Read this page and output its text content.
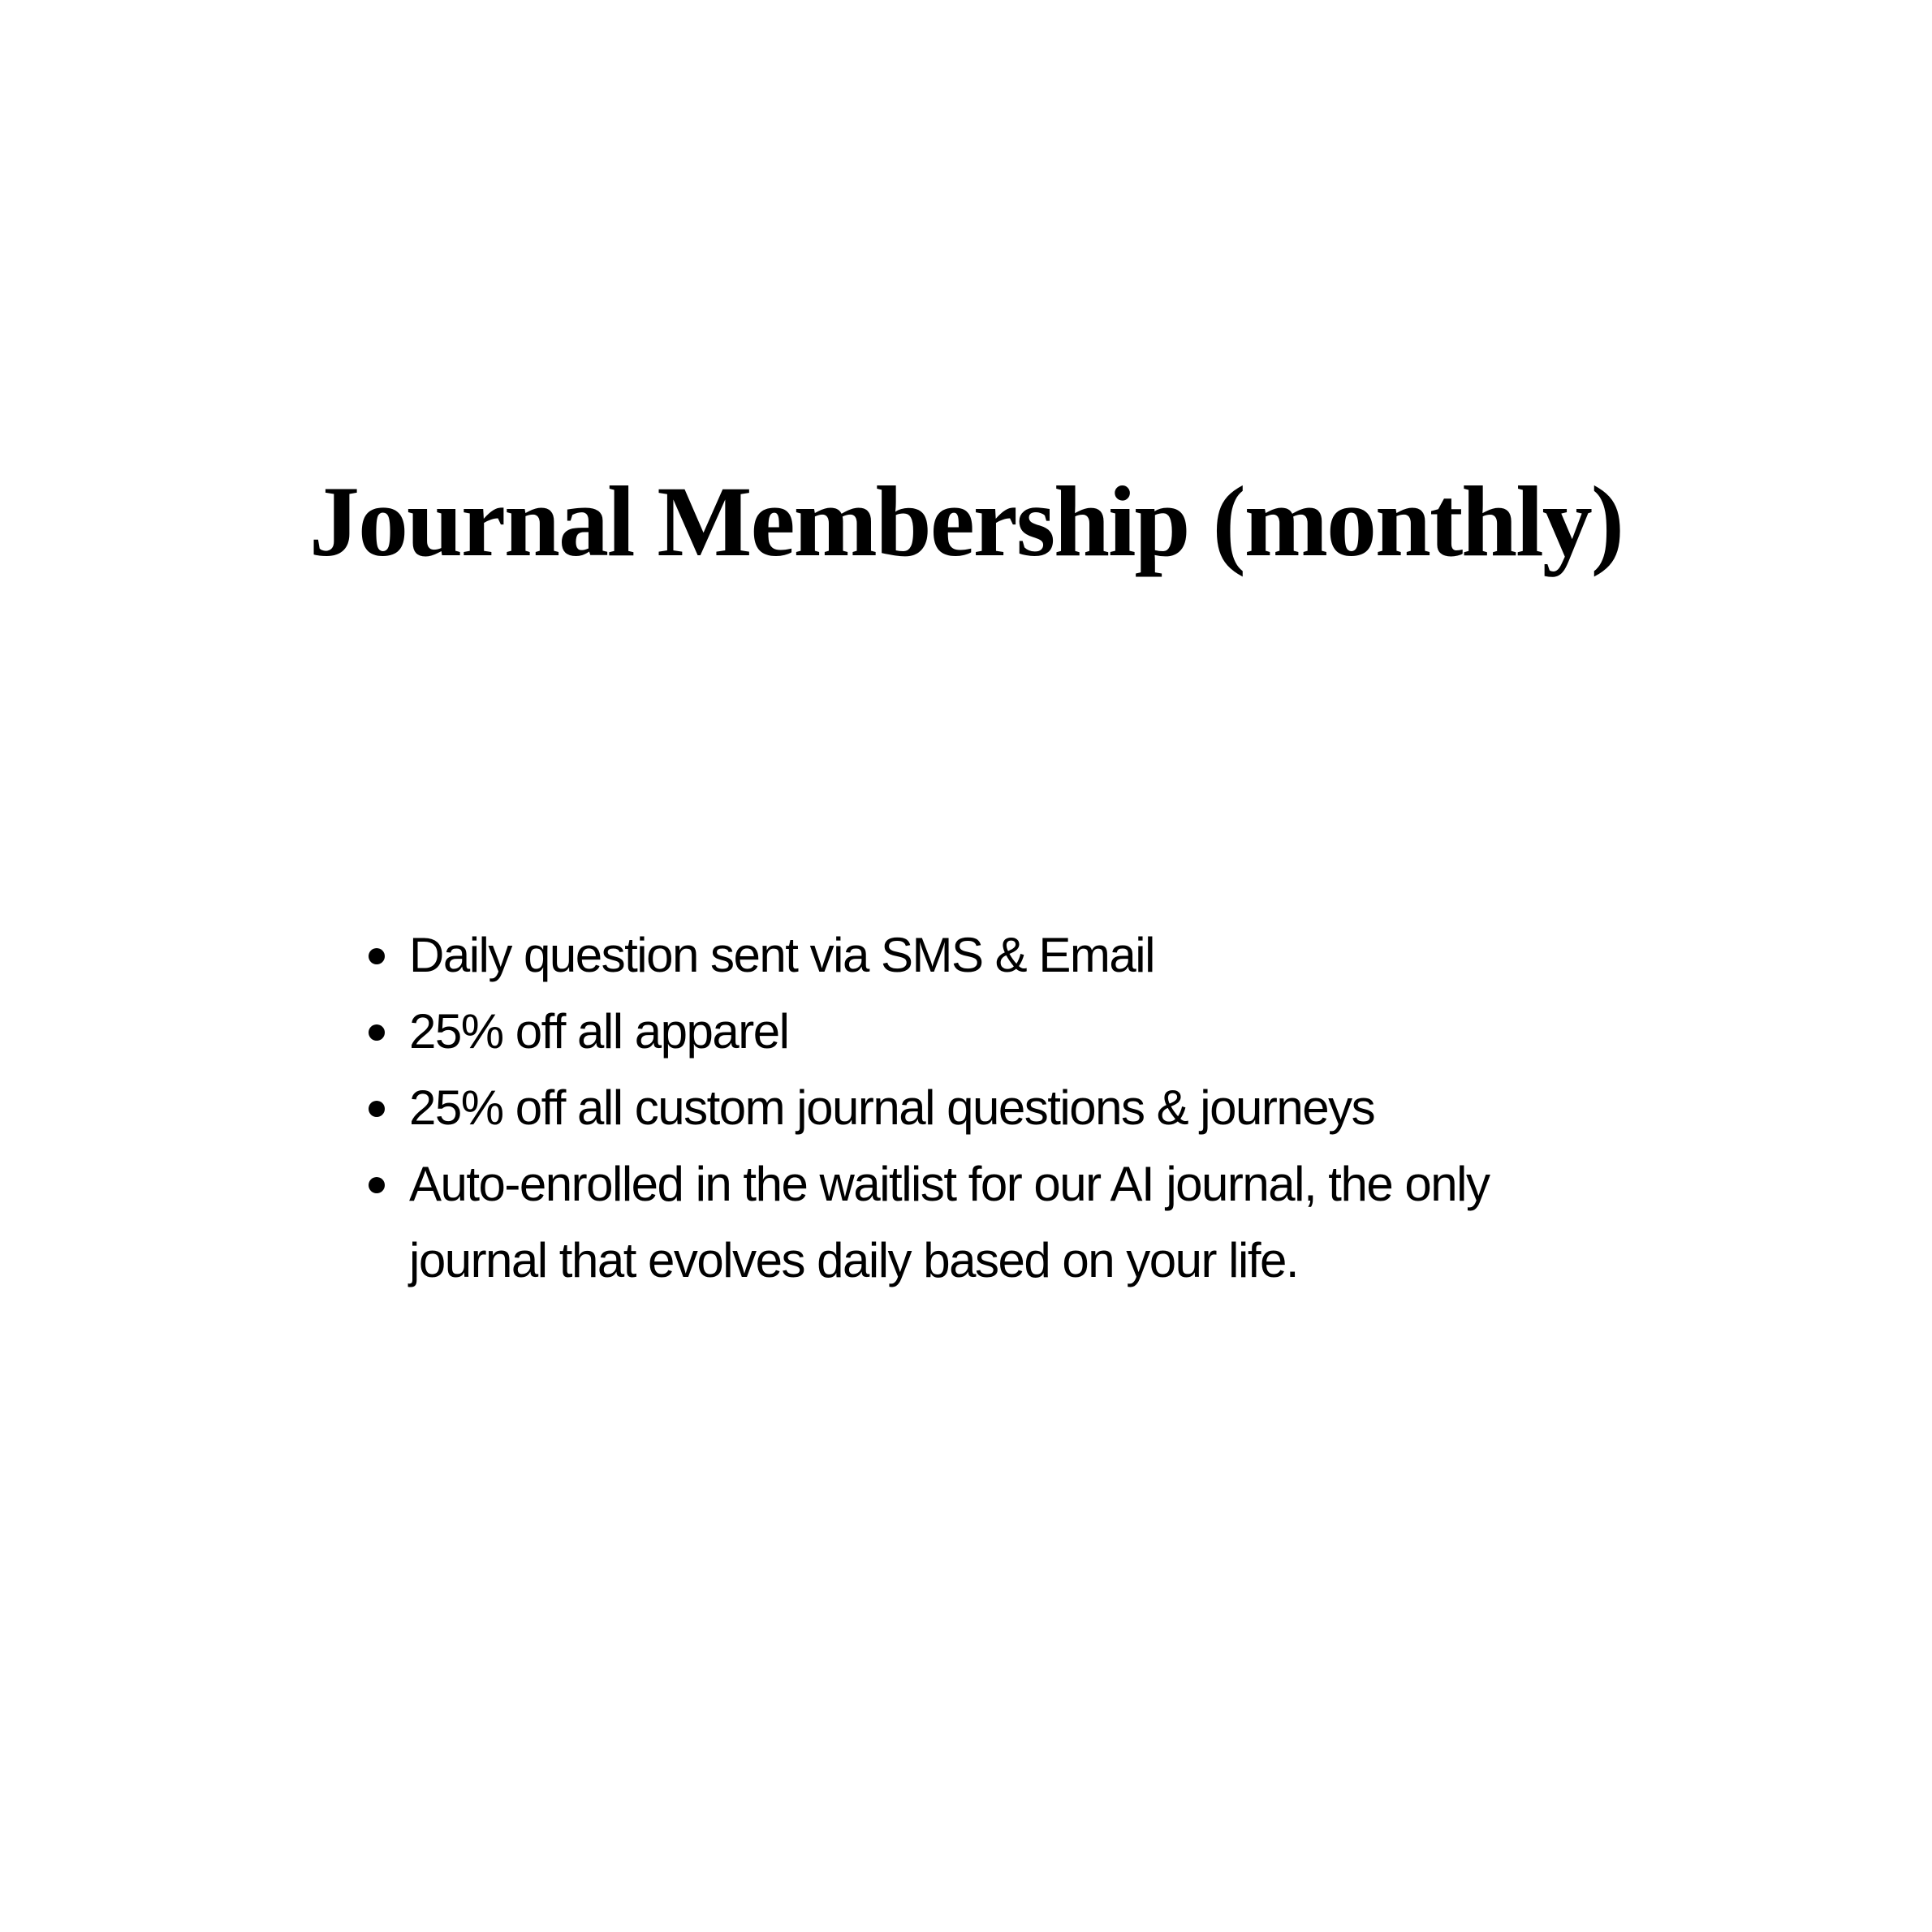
Journal Membership (monthly)
Daily question sent via SMS & Email
25% off all apparel
25% off all custom journal questions & journeys
Auto-enrolled in the waitlist for our AI journal, the only journal that evolves daily based on your life.
